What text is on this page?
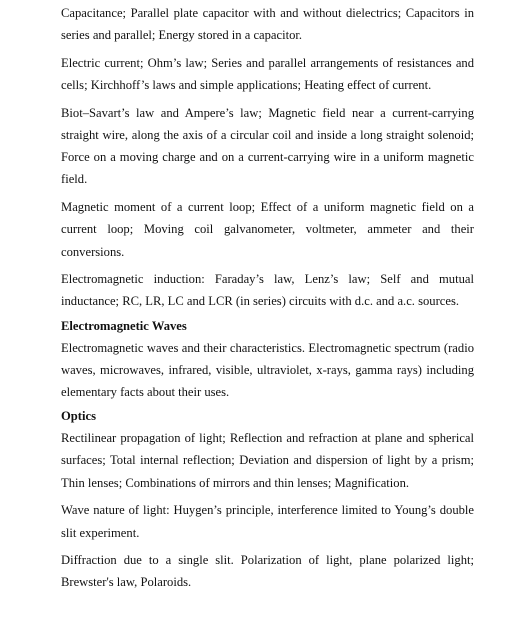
Capacitance; Parallel plate capacitor with and without dielectrics; Capacitors in series and parallel; Energy stored in a capacitor.

Electric current; Ohm’s law; Series and parallel arrangements of resistances and cells; Kirchhoff’s laws and simple applications; Heating effect of current.

Biot–Savart’s law and Ampere’s law; Magnetic field near a current-carrying straight wire, along the axis of a circular coil and inside a long straight solenoid; Force on a moving charge and on a current-carrying wire in a uniform magnetic field.

Magnetic moment of a current loop; Effect of a uniform magnetic field on a current loop; Moving coil galvanometer, voltmeter, ammeter and their conversions.

Electromagnetic induction: Faraday’s law, Lenz’s law; Self and mutual inductance; RC, LR, LC and LCR (in series) circuits with d.c. and a.c. sources.

Electromagnetic Waves

Electromagnetic waves and their characteristics. Electromagnetic spectrum (radio waves, microwaves, infrared, visible, ultraviolet, x-rays, gamma rays) including elementary facts about their uses.

Optics

Rectilinear propagation of light; Reflection and refraction at plane and spherical surfaces; Total internal reflection; Deviation and dispersion of light by a prism; Thin lenses; Combinations of mirrors and thin lenses; Magnification.

Wave nature of light: Huygen’s principle, interference limited to Young’s double slit experiment.

Diffraction due to a single slit. Polarization of light, plane polarized light; Brewster's law, Polaroids.
